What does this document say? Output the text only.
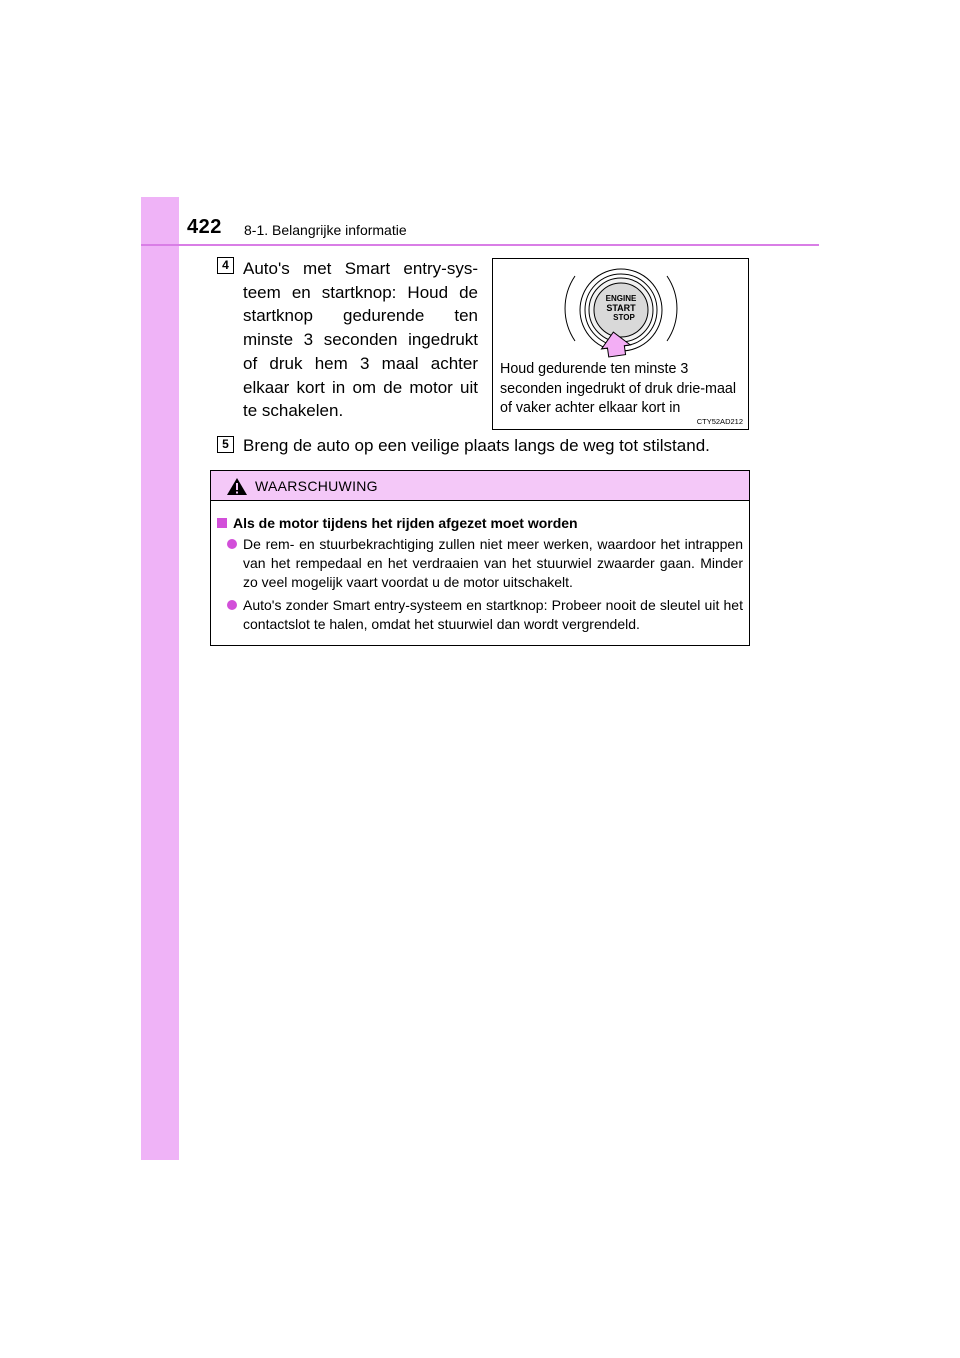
422 8-1. Belangrijke informatie
4 Auto's met Smart entry-sys-teem en startknop: Houd de startknop gedurende ten minste 3 seconden ingedrukt of druk hem 3 maal achter elkaar kort in om de motor uit te schakelen.
ENGINE
START
STOP
Houd gedurende ten minste 3 seconden ingedrukt of druk drie-maal of vaker achter elkaar kort in
CTY52AD212
5 Breng de auto op een veilige plaats langs de weg tot stilstand.
WAARSCHUWING
Als de motor tijdens het rijden afgezet moet worden
De rem- en stuurbekrachtiging zullen niet meer werken, waardoor het intrappen van het rempedaal en het verdraaien van het stuurwiel zwaarder gaan. Minder zo veel mogelijk vaart voordat u de motor uitschakelt.
Auto's zonder Smart entry-systeem en startknop: Probeer nooit de sleutel uit het contactslot te halen, omdat het stuurwiel dan wordt vergrendeld.
